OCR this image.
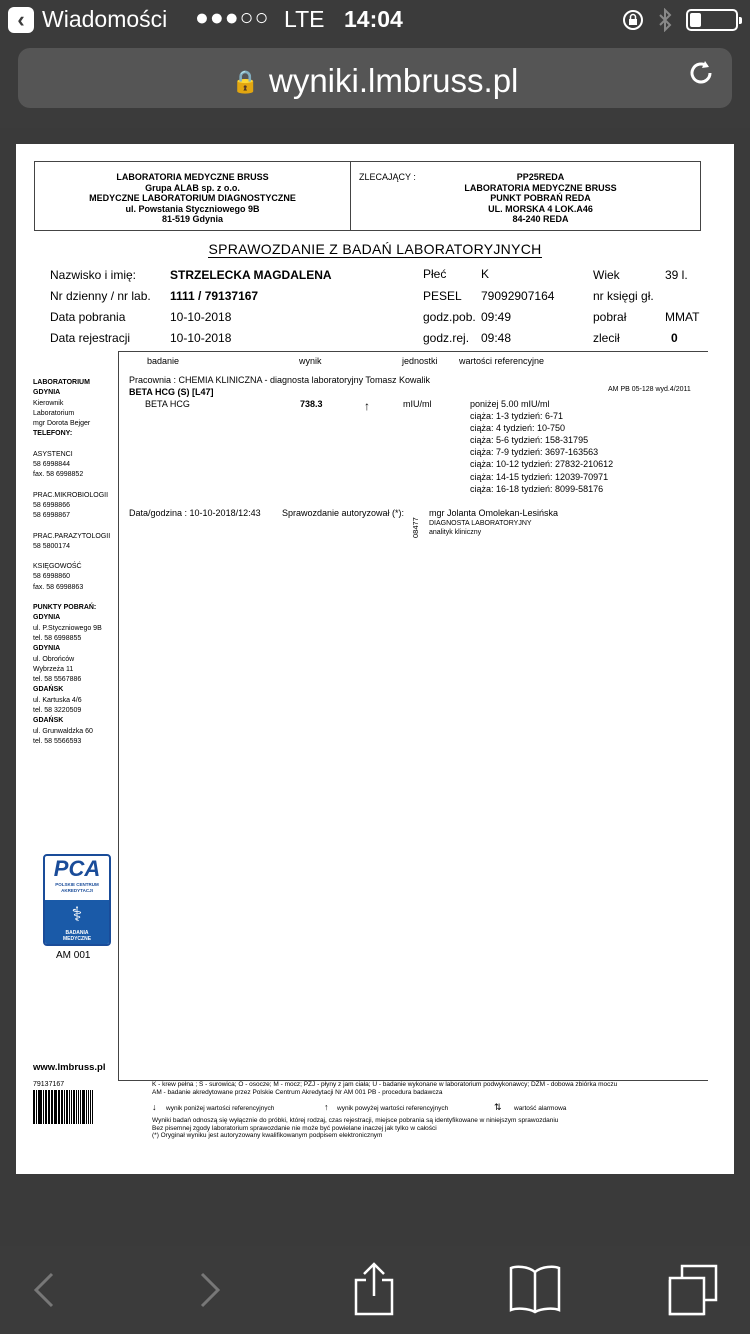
‹ Wiadomości ●●●○○ LTE 14:04
🔒 wyniki.lmbruss.pl
LABORATORIA MEDYCZNE BRUSS
Grupa ALAB sp. z o.o.
MEDYCZNE LABORATORIUM DIAGNOSTYCZNE
ul. Powstania Styczniowego 9B
81-519 Gdynia
ZLECAJĄCY :	PP25REDA
LABORATORIA MEDYCZNE BRUSS
PUNKT POBRAŃ REDA
UL. MORSKA 4 LOK.A46
84-240 REDA
SPRAWOZDANIE Z BADAŃ LABORATORYJNYCH
Nazwisko i imię:	STRZELECKA MAGDALENA	Płeć	K	Wiek	39 l.
Nr dzienny / nr lab. 1111 / 79137167	PESEL 79092907164	nr księgi gł.
Data pobrania	10-10-2018	godz.pob. 09:49	pobrał	MMAT
Data rejestracji	10-10-2018	godz.rej. 09:48	zlecił	0
badanie	wynik	jednostki wartości referencyjne
LABORATORIUM
GDYNIA
Kierownik
Laboratorium
mgr Dorota Bejger
TELEFONY:
ASYSTENCI
58 6998844
fax. 58 6998852
PRAC.MIKROBIOLOGII
58 6998866
58 6998867
PRAC.PARAZYTOLOGII
58 5800174
KSIĘGOWOŚĆ
58 6998860
fax. 58 6998863
PUNKTY POBRAŃ:
GDYNIA
ul. P.Styczniowego 9B
tel. 58 6998855
GDYNIA
ul. Obrońców
Wybrzeża 11
tel. 58 5567886
GDAŃSK
ul. Kartuska 4/6
tel. 58 3220509
GDAŃSK
ul. Grunwaldzka 60
tel. 58 5566593
Pracownia : CHEMIA KLINICZNA - diagnosta laboratoryjny Tomasz Kowalik
AM PB 05-128 wyd.4/2011
BETA HCG (S) [L47]
BETA HCG	738.3	↑	mIU/ml	poniżej 5.00 mIU/ml
ciąża: 1-3 tydzień: 6-71
ciąża: 4 tydzień: 10-750
ciąża: 5-6 tydzień: 158-31795
ciąża: 7-9 tydzień: 3697-163563
ciąża: 10-12 tydzień: 27832-210612
ciąża: 14-15 tydzień: 12039-70971
ciąża: 16-18 tydzień: 8099-58176
Data/godzina : 10-10-2018/12:43 Sprawozdanie autoryzował (*):
08477
mgr Jolanta Omolekan-Lesińska
DIAGNOSTA LABORATORYJNY
analityk kliniczny
PCA
POLSKIE CENTRUM
AKREDYTACJI
⚕
BADANIA
MEDYCZNE
AM 001
www.lmbruss.pl
79137167	K - krew pełna ; S - surowica; O - osocze; M - mocz; PZJ - płyny z jam ciała; U - badanie wykonane w laboratorium podwykonawcy; DZM - dobowa zbiórka moczu
AM - badanie akredytowane przez Polskie Centrum Akredytacji Nr AM 001 PB - procedura badawcza
↓ wynik poniżej wartości referencyjnych	↑ wynik powyżej wartości referencyjnych	⇅ wartość alarmowa
Wyniki badań odnoszą się wyłącznie do próbki, której rodzaj, czas rejestracji, miejsce pobrania są identyfikowane w niniejszym sprawozdaniu
Bez pisemnej zgody laboratorium sprawozdanie nie może być powielane inaczej jak tylko w całości
(*) Oryginał wyniku jest autoryzowany kwalifikowanym podpisem elektronicznym
